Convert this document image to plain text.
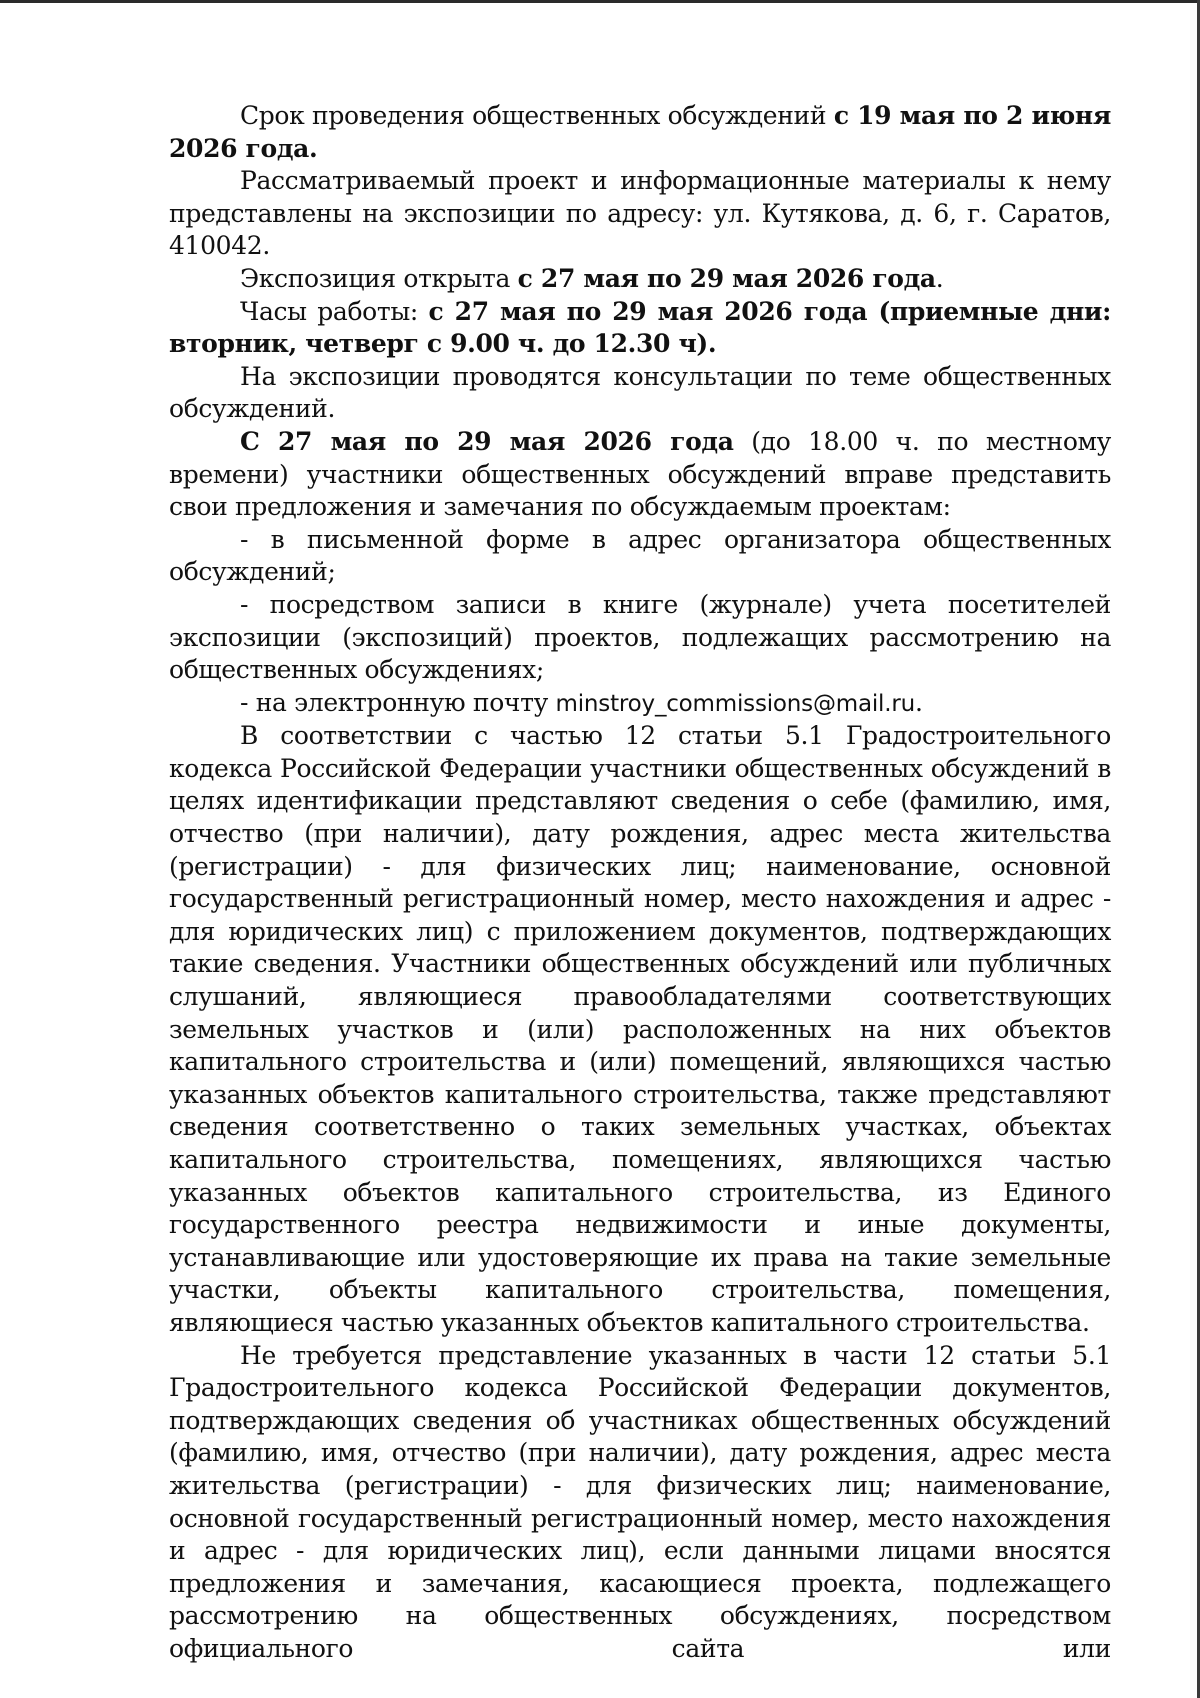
Срок проведения общественных обсуждений с 19 мая по 2 июня 2026 года.

Рассматриваемый проект и информационные материалы к нему представлены на экспозиции по адресу: ул. Кутякова, д. 6, г. Саратов, 410042.

Экспозиция открыта с 27 мая по 29 мая 2026 года.

Часы работы: с 27 мая по 29 мая 2026 года (приемные дни: вторник, четверг с 9.00 ч. до 12.30 ч).

На экспозиции проводятся консультации по теме общественных обсуждений.

С 27 мая по 29 мая 2026 года (до 18.00 ч. по местному времени) участники общественных обсуждений вправе представить свои предложения и замечания по обсуждаемым проектам:

- в письменной форме в адрес организатора общественных обсуждений;

- посредством записи в книге (журнале) учета посетителей экспозиции (экспозиций) проектов, подлежащих рассмотрению на общественных обсуждениях;

- на электронную почту minstroy_commissions@mail.ru.

В соответствии с частью 12 статьи 5.1 Градостроительного кодекса Российской Федерации участники общественных обсуждений в целях идентификации представляют сведения о себе (фамилию, имя, отчество (при наличии), дату рождения, адрес места жительства (регистрации) - для физических лиц; наименование, основной государственный регистрационный номер, место нахождения и адрес - для юридических лиц) с приложением документов, подтверждающих такие сведения. Участники общественных обсуждений или публичных слушаний, являющиеся правообладателями соответствующих земельных участков и (или) расположенных на них объектов капитального строительства и (или) помещений, являющихся частью указанных объектов капитального строительства, также представляют сведения соответственно о таких земельных участках, объектах капитального строительства, помещениях, являющихся частью указанных объектов капитального строительства, из Единого государственного реестра недвижимости и иные документы, устанавливающие или удостоверяющие их права на такие земельные участки, объекты капитального строительства, помещения, являющиеся частью указанных объектов капитального строительства.

Не требуется представление указанных в части 12 статьи 5.1 Градостроительного кодекса Российской Федерации документов, подтверждающих сведения об участниках общественных обсуждений (фамилию, имя, отчество (при наличии), дату рождения, адрес места жительства (регистрации) - для физических лиц; наименование, основной государственный регистрационный номер, место нахождения и адрес - для юридических лиц), если данными лицами вносятся предложения и замечания, касающиеся проекта, подлежащего рассмотрению на общественных обсуждениях, посредством официального сайта или
